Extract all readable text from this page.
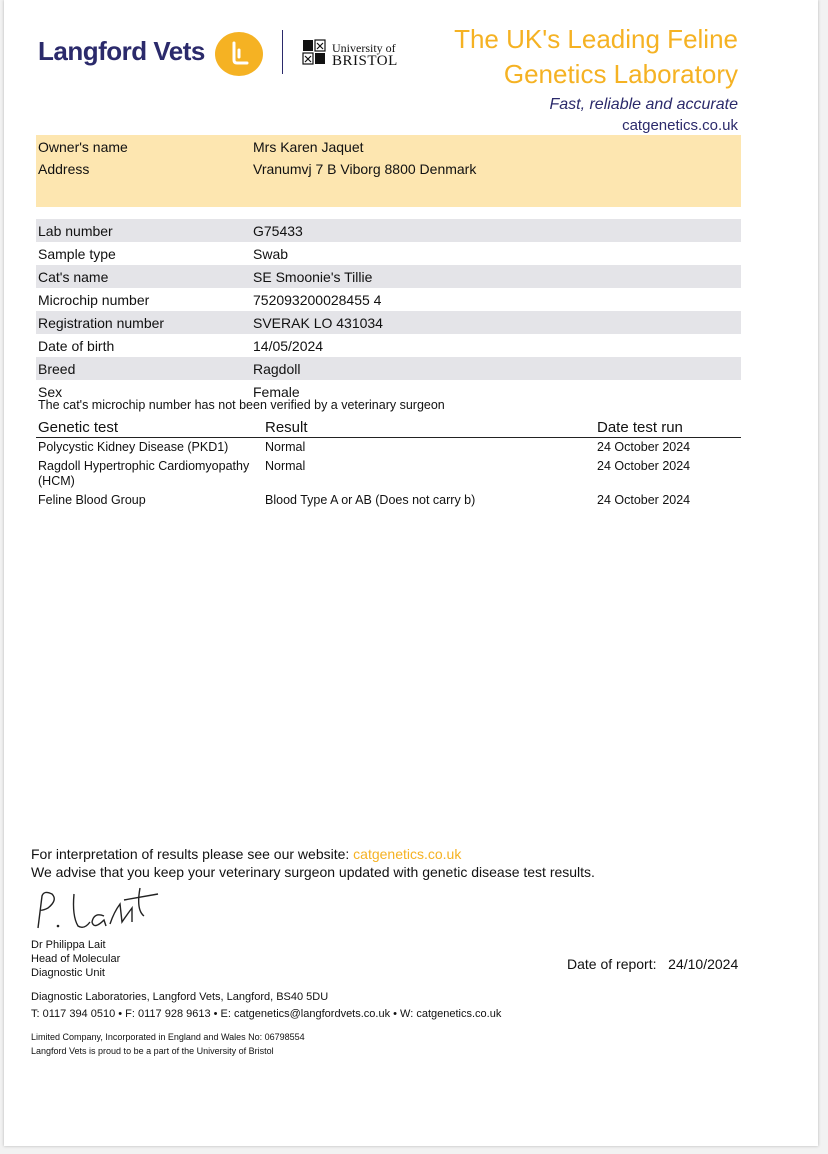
Langford Vets	University of
BRISTOL
The UK's Leading Feline
Genetics Laboratory
Fast, reliable and accurate
catgenetics.co.uk
Owner's name	Mrs Karen Jaquet
Address	Vranumvj 7 B Viborg 8800 Denmark

Lab number	G75433
Sample type	Swab
Cat's name	SE Smoonie's Tillie
Microchip number	752093200028455 4
Registration number	SVERAK LO 431034
Date of birth	14/05/2024
Breed	Ragdoll
Sex	Female
The cat's microchip number has not been verified by a veterinary surgeon
Genetic test	Result	Date test run
Polycystic Kidney Disease (PKD1)	Normal	24 October 2024
Ragdoll Hypertrophic Cardiomyopathy (HCM)	Normal	24 October 2024
Feline Blood Group	Blood Type A or AB (Does not carry b)	24 October 2024
For interpretation of results please see our website: catgenetics.co.uk
We advise that you keep your veterinary surgeon updated with genetic disease test results.
Dr Philippa Lait
Head of Molecular
Diagnostic Unit
Date of report: 24/10/2024
Diagnostic Laboratories, Langford Vets, Langford, BS40 5DU
T: 0117 394 0510 • F: 0117 928 9613 • E: catgenetics@langfordvets.co.uk • W: catgenetics.co.uk
Limited Company, Incorporated in England and Wales No: 06798554
Langford Vets is proud to be a part of the University of Bristol
